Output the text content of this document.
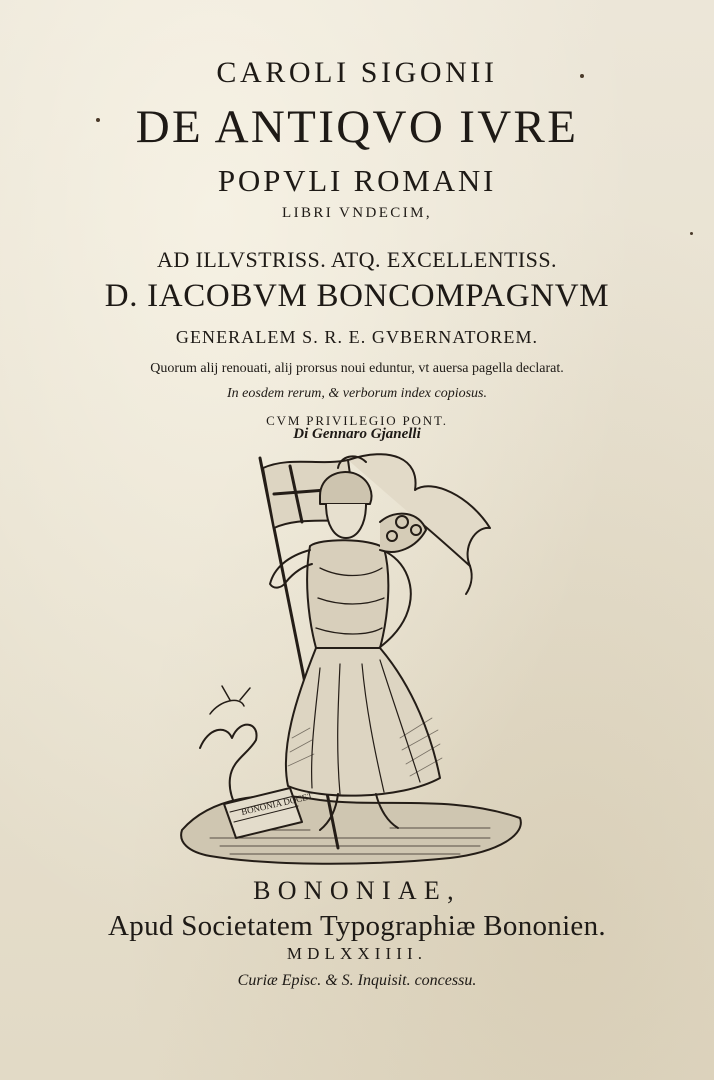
CAROLI SIGONII
DE ANTIQVO IVRE
POPVLI ROMANI
LIBRI VNDECIM,
AD ILLVSTRISS. ATQ. EXCELLENTISS.
D. IACOBVM BONCOMPAGNVM
GENERALEM S. R. E. GVBERNATOREM.
Quorum alij renouati, alij prorsus noui eduntur, vt auersa pagella declarat.
In eosdem rerum, & verborum index copiosus.
CVM PRIVILEGIO PONT.
Di Gennaro Gjanelli
BONONIA DOCET
BONONIAE,
Apud Societatem Typographiæ Bononien.
MDLXXIIII.
Curiæ Episc. & S. Inquisit. concessu.
